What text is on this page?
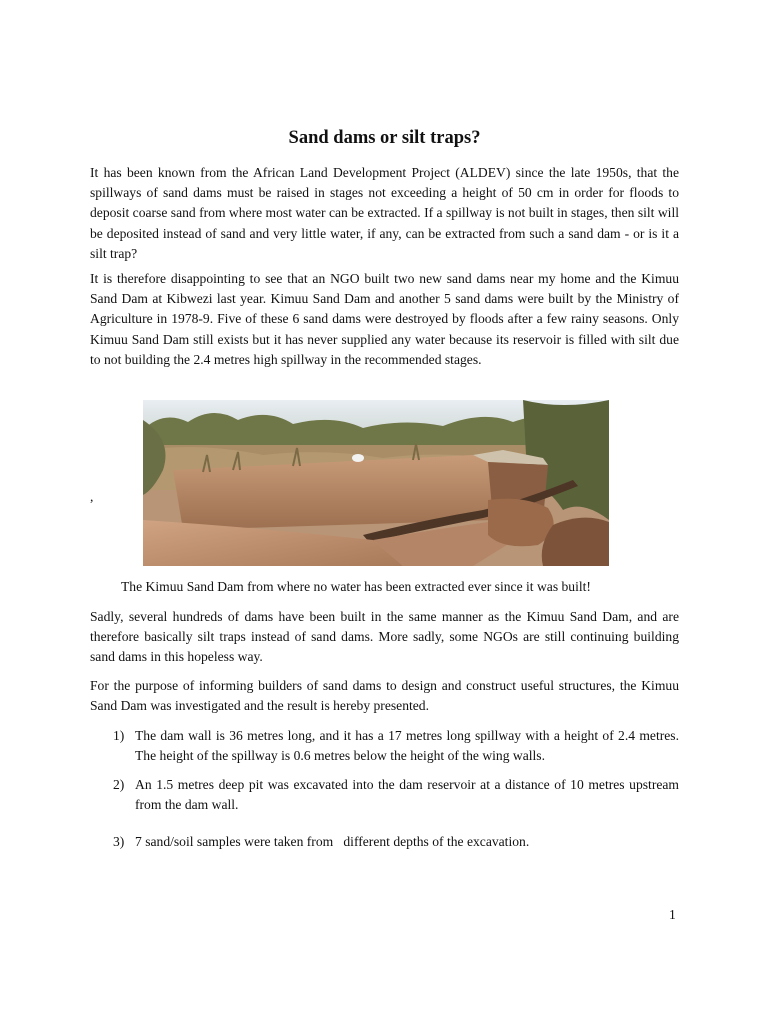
Sand dams or silt traps?

It has been known from the African Land Development Project (ALDEV) since the late 1950s, that the spillways of sand dams must be raised in stages not exceeding a height of 50 cm in order for floods to deposit coarse sand from where most water can be extracted. If a spillway is not built in stages, then silt will be deposited instead of sand and very little water, if any, can be extracted from such a sand dam - or is it a silt trap?

It is therefore disappointing to see that an NGO built two new sand dams near my home and the Kimuu Sand Dam at Kibwezi last year. Kimuu Sand Dam and another 5 sand dams were built by the Ministry of Agriculture in 1978-9. Five of these 6 sand dams were destroyed by floods after a few rainy seasons. Only Kimuu Sand Dam still exists but it has never supplied any water because its reservoir is filled with silt due to not building the 2.4 metres high spillway in the recommended stages.

,
The Kimuu Sand Dam from where no water has been extracted ever since it was built!

Sadly, several hundreds of dams have been built in the same manner as the Kimuu Sand Dam, and are therefore basically silt traps instead of sand dams. More sadly, some NGOs are still continuing building sand dams in this hopeless way.

For the purpose of informing builders of sand dams to design and construct useful structures, the Kimuu Sand Dam was investigated and the result is hereby presented.

1) The dam wall is 36 metres long, and it has a 17 metres long spillway with a height of 2.4 metres. The height of the spillway is 0.6 metres below the height of the wing walls.
2) An 1.5 metres deep pit was excavated into the dam reservoir at a distance of 10 metres upstream from the dam wall.
3) 7 sand/soil samples were taken from   different depths of the excavation.
1
